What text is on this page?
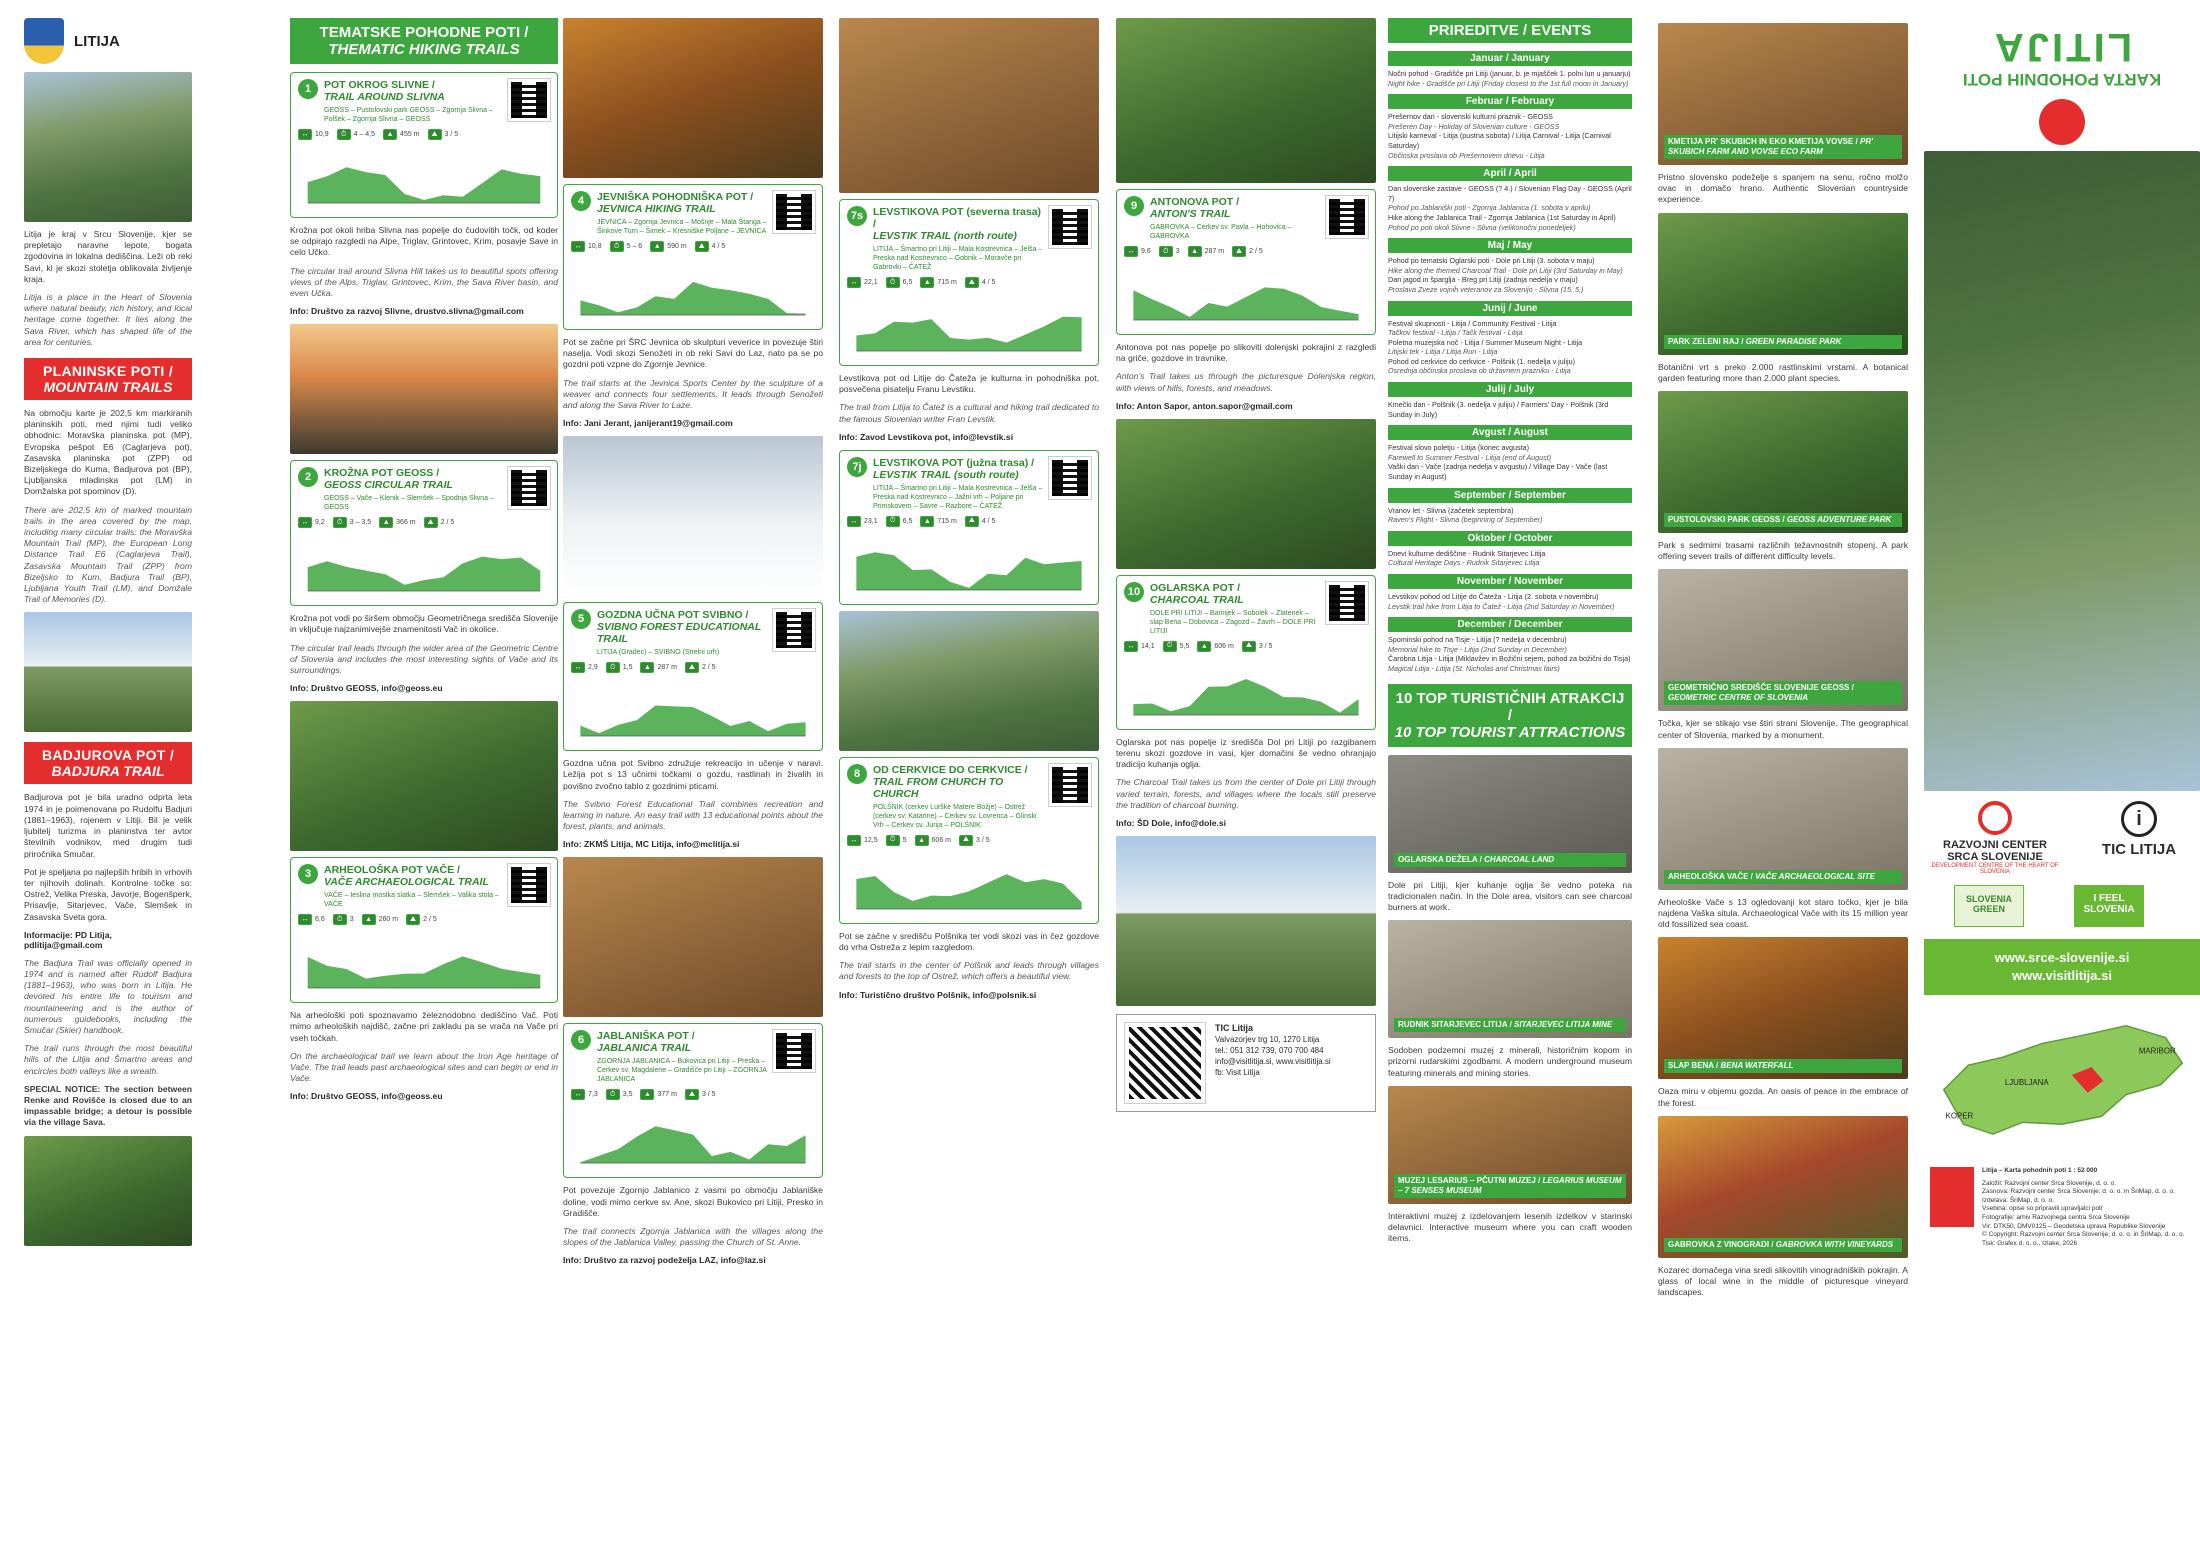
LITIJA

Litija je kraj v Srcu Slovenije, kjer se prepletajo naravne lepote, bogata zgodovina in lokalna dediščina. Leži ob reki Savi, ki je skozi stoletja oblikovala življenje kraja.

Litija is a place in the Heart of Slovenia where natural beauty, rich history, and local heritage come together. It lies along the Sava River, which has shaped life of the area for centuries.

PLANINSKE POTI /
MOUNTAIN TRAILS

Na območju karte je 202,5 km markiranih planinskih poti, med njimi tudi veliko obhodnic: Moravška planinska pot (MP), Evropska pešpot E6 (Caglarjeva pot), Zasavska planinska pot (ZPP) od Bizeljskega do Kuma, Badjurova pot (BP), Ljubljanska mladinska pot (LM) in Domžalska pot spominov (D).

There are 202.5 km of marked mountain trails in the area covered by the map, including many circular trails: the Moravška Mountain Trail (MP), the European Long Distance Trail E6 (Caglarjeva Trail), Zasavska Mountain Trail (ZPP) from Bizeljsko to Kum, Badjura Trail (BP), Ljubljana Youth Trail (LM), and Domžale Trail of Memories (D).

BADJUROVA POT /
BADJURA TRAIL

Badjurova pot je bila uradno odprta leta 1974 in je poimenovana po Rudolfu Badjuri (1881–1963), rojenem v Litiji. Bil je velik ljubitelj turizma in planinstva ter avtor številnih vodnikov, med drugim tudi priročnika Smučar.

Pot je speljana po najlepših hribih in vrhovih ter njihovih dolinah. Kontrolne točke so: Ostrež, Velika Preska, Javorje, Bogenšperk, Prisavlje, Sitarjevec, Vače, Slemšek in Zasavska Sveta gora.

Informacije: PD Litija, pdlitija@gmail.com

The Badjura Trail was officially opened in 1974 and is named after Rudolf Badjura (1881–1963), who was born in Litija. He devoted his entire life to tourism and mountaineering and is the author of numerous guidebooks, including the Smučar (Skier) handbook.

The trail runs through the most beautiful hills of the Litija and Šmartno areas and encircles both valleys like a wreath.

SPECIAL NOTICE: The section between Renke and Rovišče is closed due to an impassable bridge; a detour is possible via the village Sava.

TEMATSKE POHODNE POTI /
THEMATIC HIKING TRAILS
1	POT OKROG SLIVNE /
TRAIL AROUND SLIVNA
GEOSS – Pustolovski park GEOSS – Zgornja Slivna – Polšek – Zgornja Slivna – GEOSS
↔ 10,9	⏱	4 – 4,5	▲ 455 m	⛰	3 / 5

Krožna pot okoli hriba Slivna nas popelje do čudovitih točk, od koder se odpirajo razgledi na Alpe, Triglav, Grintovec, Krim, posavje Save in celo Učko.

The circular trail around Slivna Hill takes us to beautiful spots offering views of the Alps, Triglav, Grintovec, Krim, the Sava River basin, and even Učka.

Info: Društvo za razvoj Slivne, drustvo.slivna@gmail.com

2	KROŽNA POT GEOSS /
GEOSS CIRCULAR TRAIL
GEOSS – Vače – Klenik – Slemšek – Spodnja Slivna – GEOSS
↔ 9,2	⏱	3 – 3,5	▲ 366 m	⛰	2 / 5

Krožna pot vodi po širšem območju Geometričnega središča Slovenije in vključuje najzanimivejše znamenitosti Vač in okolice.

The circular trail leads through the wider area of the Geometric Centre of Slovenia and includes the most interesting sights of Vače and its surroundings.

Info: Društvo GEOSS, info@geoss.eu

3	ARHEOLOŠKA POT VAČE /
VAČE ARCHAEOLOGICAL TRAIL
VAČE – Ieslina mostka slatka – Slemšek – Valika stola – VAČE
↔ 6,6	⏱	3	▲ 260 m	⛰	2 / 5

Na arheološki poti spoznavamo železnodobno dediščino Vač. Poti mimo arheoloških najdišč, začne pri zakladu pa se vrača na Vače pri vseh točkah.

On the archaeological trail we learn about the Iron Age heritage of Vače. The trail leads past archaeological sites and can begin or end in Vače.

Info: Društvo GEOSS, info@geoss.eu

4	JEVNIŠKA POHODNIŠKA POT /
JEVNICA HIKING TRAIL
JEVNICA – Zgornja Jevnica – Mošnje – Mala Štanga – Šinkove Turn – Šimek – Kresniške Poljane – JEVNICA
↔ 10,8	⏱	5 – 6	▲ 590 m	⛰	4 / 5

Pot se začne pri ŠRC Jevnica ob skulpturi veverice in povezuje štiri naselja. Vodi skozi Senožeti in ob reki Savi do Laz, nato pa se po gozdni poti vzpne do Zgornje Jevnice.

The trail starts at the Jevnica Sports Center by the sculpture of a weaver and connects four settlements. It leads through Senožeti and along the Sava River to Laze.

Info: Jani Jerant, janijerant19@gmail.com

5	GOZDNA UČNA POT SVIBNO /
SVIBNO FOREST EDUCATIONAL TRAIL
LITIJA (Gradec) – SVIBNO (Strelni urh)
↔ 2,9	⏱	1,5	▲ 287 m	⛰	2 / 5

Gozdna učna pot Svibno združuje rekreacijo in učenje v naravi. Ležija pot s 13 učnimi točkami o gozdu, rastlinah in živalih in povišno zvočno tablo z gozdnimi pticami.

The Svibno Forest Educational Trail combines recreation and learning in nature. An easy trail with 13 educational points about the forest, plants, and animals.

Info: ZKMŠ Litija, MC Litija, info@mclitija.si

6	JABLANIŠKA POT /
JABLANICA TRAIL
ZGORNJA JABLANICA – Bukovica pri Litiji – Preska – Cerkev sv. Magdalene – Gradišče pri Litiji – ZGORNJA JABLANICA
↔ 7,3	⏱	3,5	▲ 377 m	⛰	3 / 5

Pot povezuje Zgornjo Jablanico z vasmi po območju Jablaniške doline, vodi mimo cerkve sv. Ane, skozi Bukovico pri Litiji, Presko in Gradišče.

The trail connects Zgornja Jablanica with the villages along the slopes of the Jablanica Valley, passing the Church of St. Anne.

Info: Društvo za razvoj podeželja LAZ, info@laz.si

7s LEVSTIKOVA POT (severna trasa) /
LEVSTIK TRAIL (north route)
LITIJA – Šmartno pri Litiji – Mala Kostrevnica – Jelša – Preska nad Kostrevnico – Gobnik – Moravče pri Gabrovki – ČATEŽ
↔ 22,1	⏱	6,5	▲ 715 m	⛰	4 / 5

Levstikova pot od Litije do Čateža je kulturna in pohodniška pot, posvečena pisatelju Franu Levstiku.

The trail from Litija to Čatež is a cultural and hiking trail dedicated to the famous Slovenian writer Fran Levstik.

Info: Zavod Levstikova pot, info@levstik.si

7j	LEVSTIKOVA POT (južna trasa) /
LEVSTIK TRAIL (south route)
LITIJA – Šmartno pri Litiji – Mala Kostrevnica – Jelša – Preska nad Kostrevnico – Jažni vrh – Poljane pri Primskovem – Savre – Razbore – ČATEŽ
↔ 23,1	⏱	6,5	▲ 715 m	⛰	4 / 5
8	OD CERKVICE DO CERKVICE /
TRAIL FROM CHURCH TO CHURCH
POLŠNIK (cerkev Lurške Matere Božje) – Ostrež (cerkev sv. Katarine) – Cerkev sv. Lovrenca – Glinski Vrh – Cerkev sv. Jurija – POLŠNIK
↔ 12,5	⏱	5	▲ 606 m	⛰	3 / 5

Pot se začne v središču Polšnika ter vodi skozi vas in čez gozdove do vrha Ostreža z lepim razgledom.

The trail starts in the center of Polšnik and leads through villages and forests to the top of Ostrež, which offers a beautiful view.

Info: Turistično društvo Polšnik, info@polsnik.si

9	ANTONOVA POT /
ANTON'S TRAIL
GABROVKA – Cerkev sv. Pavla – Hohovica – GABROVKA
↔ 9,6	⏱	3	▲ 287 m	⛰	2 / 5

Antonova pot nas popelje po slikoviti dolenjski pokrajini z razgledi na griče, gozdove in travnike.

Anton's Trail takes us through the picturesque Dolenjska region, with views of hills, forests, and meadows.

Info: Anton Sapor, anton.sapor@gmail.com

10 OGLARSKA POT /
CHARCOAL TRAIL
DOLE PRI LITIJI – Barinjek – Sobolek – Zlatenek – slap Bena – Dobovica – Zagozd – Zavrh – DOLE PRI LITIJI
↔ 14,1	⏱	5,5	▲ 606 m	⛰	3 / 5

Oglarska pot nas popelje iz središča Dol pri Litiji po razgibanem terenu skozi gozdove in vasi, kjer domačini še vedno ohranjajo tradicijo kuhanja oglja.

The Charcoal Trail takes us from the center of Dole pri Litiji through varied terrain, forests, and villages where the locals still preserve the tradition of charcoal burning.

Info: ŠD Dole, info@dole.si

TIC Litija
Valvazorjev trg 10, 1270 Litija
tel.: 051 312 739, 070 700 484
info@visitlitija.si, www.visitlitija.si
fb: Visit Litija
PRIREDITVE / EVENTS
Januar / January
Nočni pohod - Gradišče pri Litiji (januar, b. je mjašček 1. polni lun u januarju)
Night hike - Gradišče pri Litiji (Friday closest to the 1st full moon in January)
Februar / February
Prešernov dan - slovenski kulturni praznik - GEOSS
Prešeren Day - Holiday of Slovenian culture - GEOSS
Litijski karneval - Litija (pustna sobota) / Litija Carnival - Litija (Carnival Saturday)
Občinska proslava ob Prešernovem dnevu - Litija
April / April
Dan slovenske zastave - GEOSS (? 4.) / Slovenian Flag Day - GEOSS (April 7)
Pohod po Jablaniški poti - Zgornja Jablanica (1. sobota v aprilu)
Hike along the Jablanica Trail - Zgornja Jablanica (1st Saturday in April)
Pohod po poti okoli Slivne - Slivna (velikonočni ponedeljek)
Maj / May
Pohod po tematski Oglarski poti - Dole pri Litiji (3. sobota v maju)
Hike along the themed Charcoal Trail - Dole pri Litiji (3rd Saturday in May)
Dan jagod in šparglja - Breg pri Litiji (zadnja nedelja v maju)
Proslava Zveze vojnih veteranov za Slovenijo - Slivna (15. 5.)
Junij / June
Festival skupnosti - Litija / Community Festival - Litija
Tačkov festival - Litija / Tačk festival - Litija
Poletna muzejska noč - Litija / Summer Museum Night - Litija
Litijski tek - Litija / Litija Run - Litija
Pohod od cerkvice do cerkvice - Polšnik (1. nedelja v juliju)
Osrednja občinska proslava ob državnem prazniku - Litija
Julij / July
Kmečki dan - Polšnik (3. nedelja v juliju) / Farmers' Day - Polšnik (3rd Sunday in July)
Avgust / August
Festival slovo poletju - Litija (konec avgusta)
Farewell to Summer Festival - Litija (end of August)
Vaški dan - Vače (zadnja nedelja v avgustu) / Village Day - Vače (last Sunday in August)
September / September
Vranov let - Slivna (začetek septembra)
Raven's Flight - Slivna (beginning of September)
Oktober / October
Dnevi kulturne dediščine - Rudnik Sitarjevec Litija
Cultural Heritage Days - Rudnik Sitarjevec Litija
November / November
Levstikov pohod od Litije do Čateža - Litija (2. sobota v novembru)
Levstik trail hike from Litija to Čatež - Litija (2nd Saturday in November)
December / December
Spominski pohod na Tisje - Litija (? nedelja v decembru)
Memorial hike to Tisje - Litija (2nd Sunday in December)
Čarobna Litija - Litija (Miklavžev in Božični sejem, pohod za božični do Tisja)
Magical Litija - Litija (St. Nicholas and Christmas fairs)
10 TOP TURISTIČNIH ATRAKCIJ /
10 TOP TOURIST ATTRACTIONS
OGLARSKA DEŽELA / CHARCOAL LAND

Dole pri Litiji, kjer kuhanje oglja še vedno poteka na tradicionalen način. In the Dole area, visitors can see charcoal burners at work.

RUDNIK SITARJEVEC LITIJA / SITARJEVEC LITIJA MINE

Sodoben podzemni muzej z minerali, historičnim kopom in prizorni rudarskimi zgodbami. A modern underground museum featuring minerals and mining stories.

MUZEJ LESARIUS – PČUTNI MUZEJ / LEGARIUS MUSEUM – 7 SENSES MUSEUM

Interaktivni muzej z izdelovanjem lesenih izdelkov v starinski delavnici. Interactive museum where you can craft wooden items.

KMETIJA PR' SKUBICH IN EKO KMETIJA VOVSE / PR' SKUBICH FARM AND VOVSE ECO FARM

Pristno slovensko podeželje s spanjem na senu, ročno molžo ovac in domačo hrano. Authentic Slovenian countryside experience.

PARK ZELENI RAJ / GREEN PARADISE PARK

Botanični vrt s preko 2.000 rastlinskimi vrstami. A botanical garden featuring more than 2,000 plant species.

PUSTOLOVSKI PARK GEOSS / GEOSS ADVENTURE PARK

Park s sedmimi trasami različnih težavnostnih stopenj. A park offering seven trails of different difficulty levels.

GEOMETRIČNO SREDIŠČE SLOVENIJE GEOSS / GEOMETRIC CENTRE OF SLOVENIA

Točka, kjer se stikajo vse štiri strani Slovenije. The geographical center of Slovenia, marked by a monument.

ARHEOLOŠKA VAČE / VAČE ARCHAEOLOGICAL SITE

Arheološke Vače s 13 ogledovanji kot staro točko, kjer je bila najdena Vaška situla. Archaeological Vače with its 15 million year old fossilized sea coast.

SLAP BENA / BENA WATERFALL

Oaza miru v objemu gozda. An oasis of peace in the embrace of the forest.

GABROVKA Z VINOGRADI / GABROVKA WITH VINEYARDS

Kozarec domačega vina sredi slikovitih vinogradniških pokrajin. A glass of local wine in the middle of picturesque vineyard landscapes.

KARTA POHODNIH POTI
LITIJA
RAZVOJNI CENTER SRCA SLOVENIJE
DEVELOPMENT CENTRE OF THE HEART OF SLOVENIA
i
TIC LITIJA
SLOVENIA GREEN
I FEEL SLOVENIA
www.srce-slovenije.si
www.visitlitija.si
LJUBLJANA
MARIBOR
KOPER
Litija – Karta pohodnih poti 1 : 52 000
Založil: Razvojni center Srca Slovenije, d. o. o.
Zasnova: Razvojni center Srca Slovenije, d. o. o. in ŠriMap, d. o. o.
Izdelava: ŠriMap, d. o. o.
Vsebina: opise so pripravili upravljalci poti
Fotografije: arhiv Razvojnega centra Srca Slovenije
Vir: DTK50, DMV0125 – Geodetska uprava Republike Slovenije
© Copyright: Razvojni center Srca Slovenije, d. o. o. in ŠriMap, d. o. o.
Tisk: Grafex d. o. o., Izlake, 2026
